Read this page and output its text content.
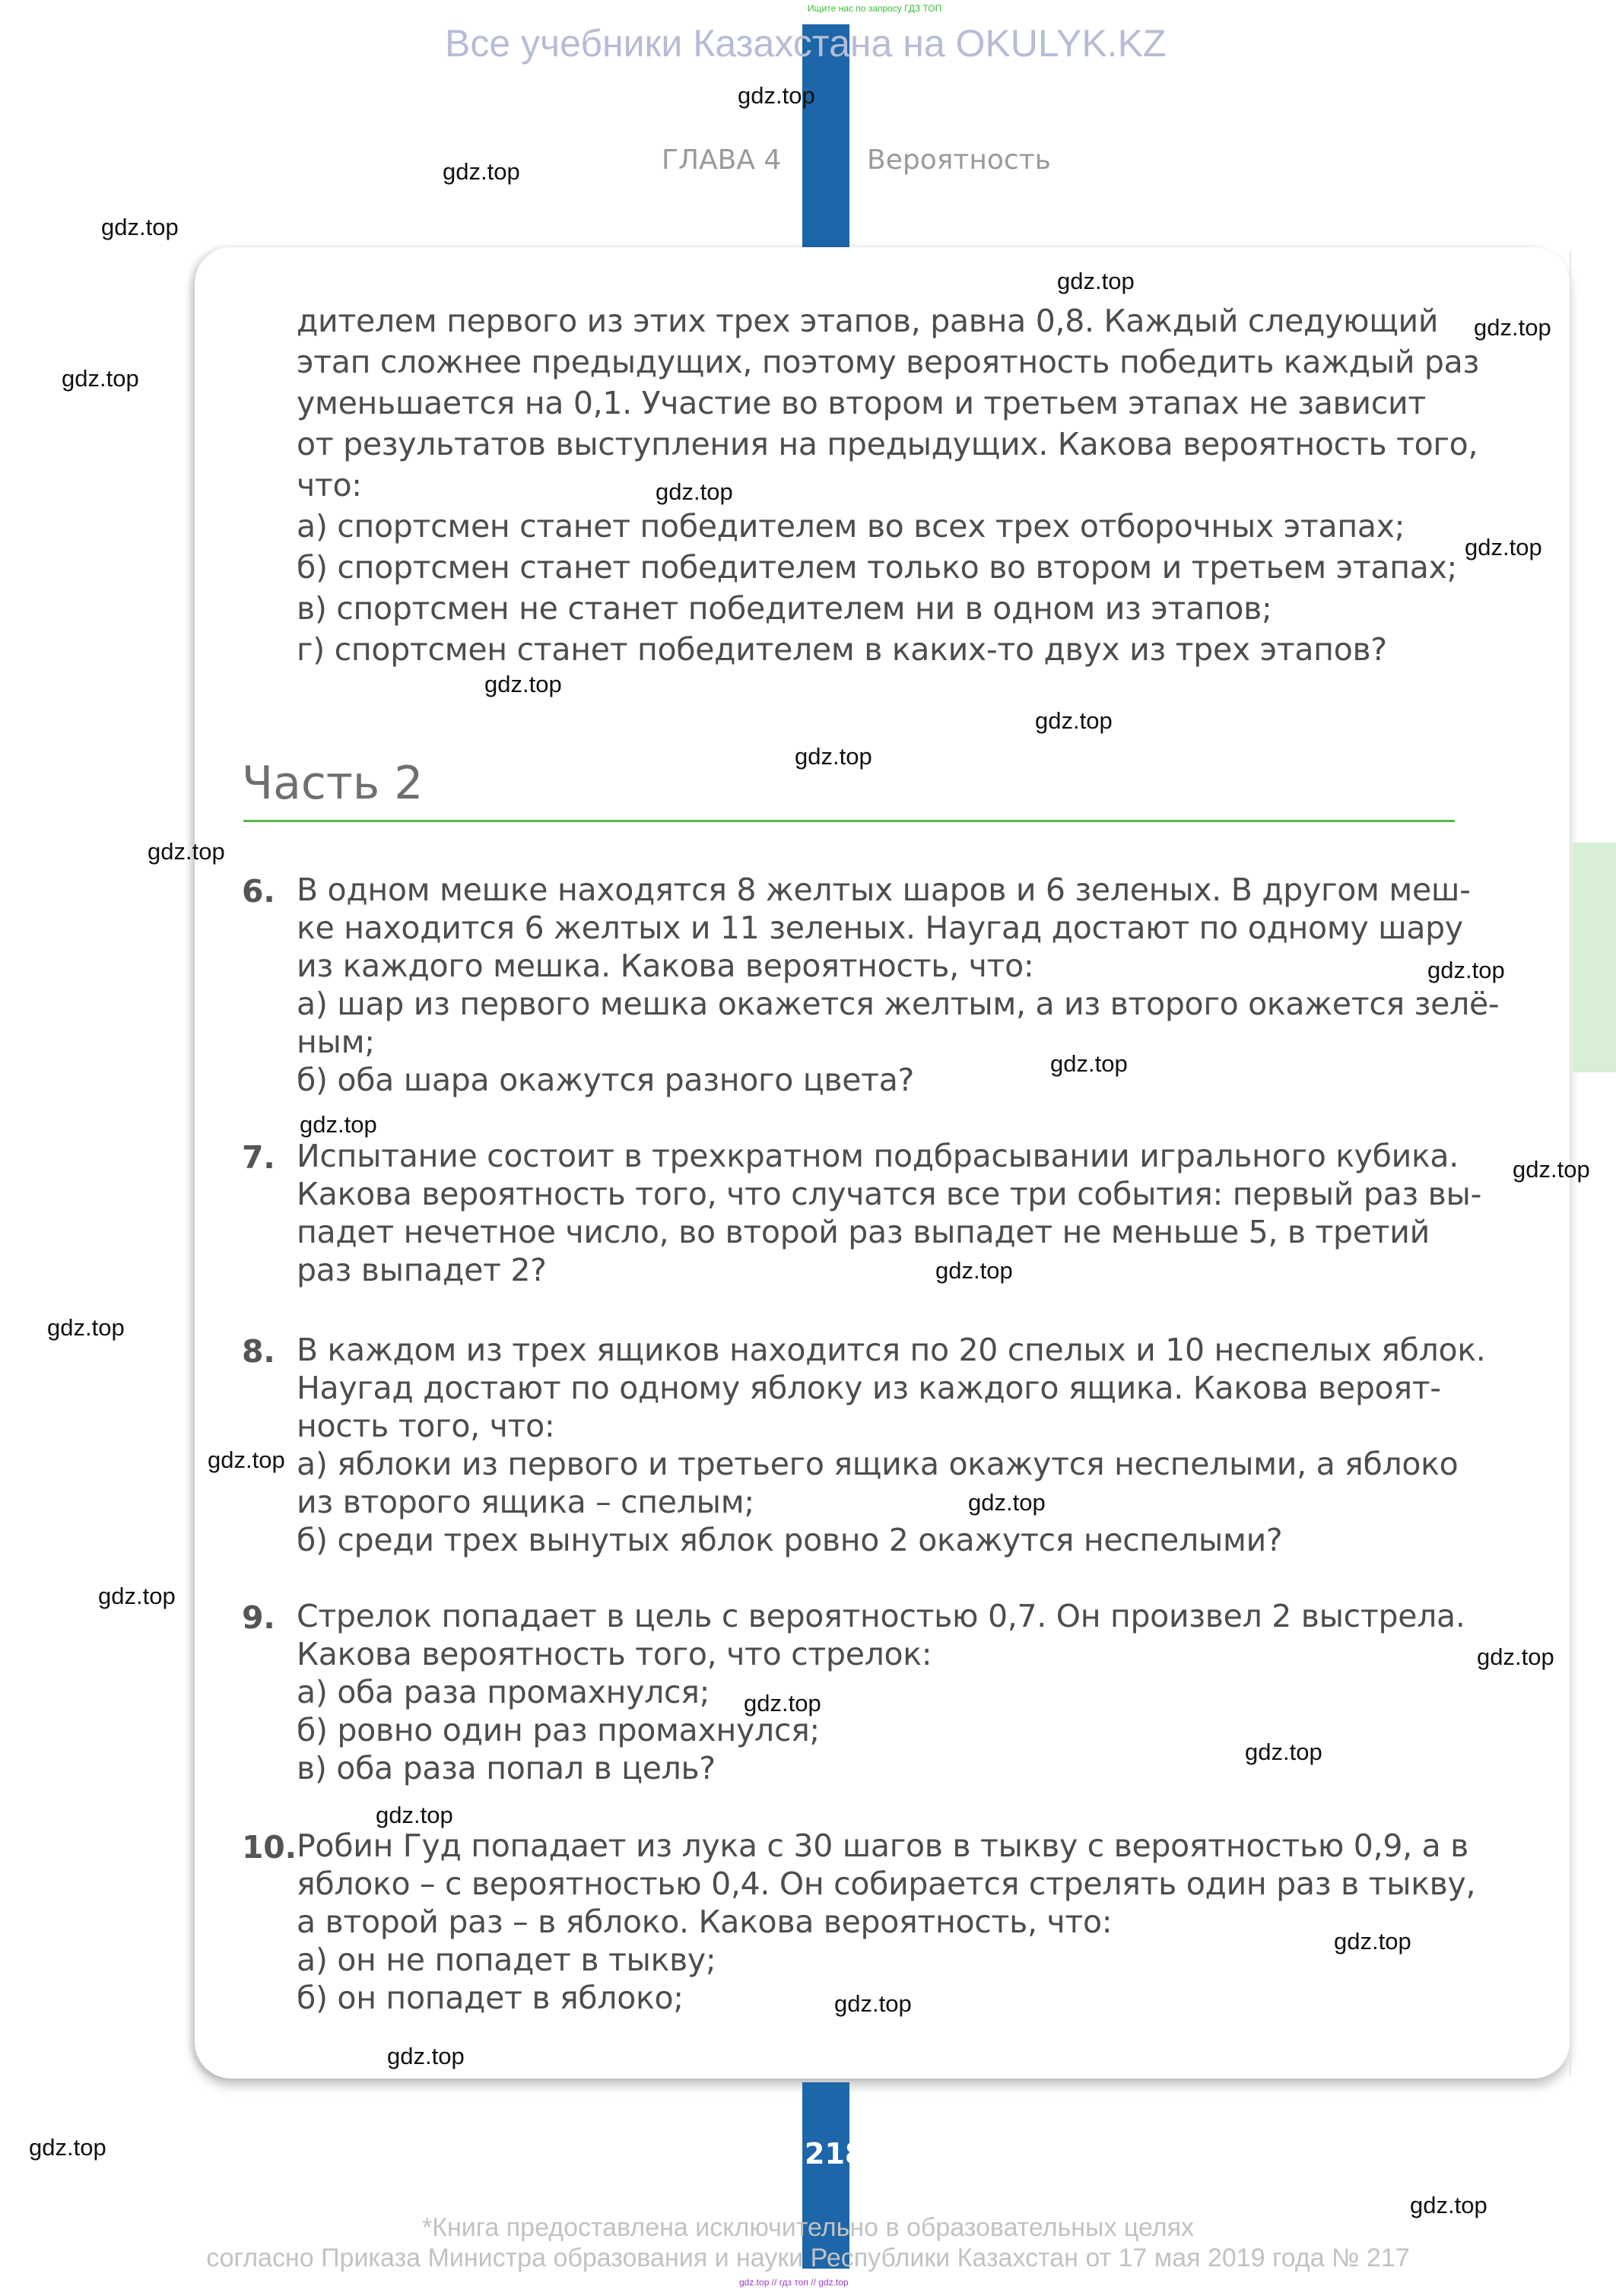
Ищите нас по запросу ГДЗ ТОП
Все учебники Казахстана на OKULYK.KZ
ГЛАВА 4	Вероятность
дителем первого из этих трех этапов, равна 0,8. Каждый следующий
этап сложнее предыдущих, поэтому вероятность победить каждый раз
уменьшается на 0,1. Участие во втором и третьем этапах не зависит
от результатов выступления на предыдущих. Какова вероятность того,
что:
а) спортсмен станет победителем во всех трех отборочных этапах;
б) спортсмен станет победителем только во втором и третьем этапах;
в) спортсмен не станет победителем ни в одном из этапов;
г) спортсмен станет победителем в каких-то двух из трех этапов?
Часть 2
6. В одном мешке находятся 8 желтых шаров и 6 зеленых. В другом меш-
ке находится 6 желтых и 11 зеленых. Наугад достают по одному шару
из каждого мешка. Какова вероятность, что:
а) шар из первого мешка окажется желтым, а из второго окажется зелё-
ным;
б) оба шара окажутся разного цвета?
7. Испытание состоит в трехкратном подбрасывании игрального кубика.
Какова вероятность того, что случатся все три события: первый раз вы-
падет нечетное число, во второй раз выпадет не меньше 5, в третий
раз выпадет 2?
8. В каждом из трех ящиков находится по 20 спелых и 10 неспелых яблок.
Наугад достают по одному яблоку из каждого ящика. Какова вероят-
ность того, что:
а) яблоки из первого и третьего ящика окажутся неспелыми, а яблоко
из второго ящика – спелым;
б) среди трех вынутых яблок ровно 2 окажутся неспелыми?
9. Стрелок попадает в цель с вероятностью 0,7. Он произвел 2 выстрела.
Какова вероятность того, что стрелок:
а) оба раза промахнулся;
б) ровно один раз промахнулся;
в) оба раза попал в цель?
10. Робин Гуд попадает из лука с 30 шагов в тыкву с вероятностью 0,9, а в
яблоко – с вероятностью 0,4. Он собирается стрелять один раз в тыкву,
а второй раз – в яблоко. Какова вероятность, что:
а) он не попадет в тыкву;
б) он попадет в яблоко;
218
*Книга предоставлена исключительно в образовательных целях
согласно Приказа Министра образования и науки Республики Казахстан от 17 мая 2019 года № 217
gdz.top // гдз топ // gdz.top
gdz.top
gdz.top
gdz.top
gdz.top
gdz.top
gdz.top
gdz.top
gdz.top
gdz.top
gdz.top
gdz.top
gdz.top
gdz.top
gdz.top
gdz.top
gdz.top
gdz.top
gdz.top
gdz.top
gdz.top
gdz.top
gdz.top
gdz.top
gdz.top
gdz.top
gdz.top
gdz.top
gdz.top
gdz.top
gdz.top
